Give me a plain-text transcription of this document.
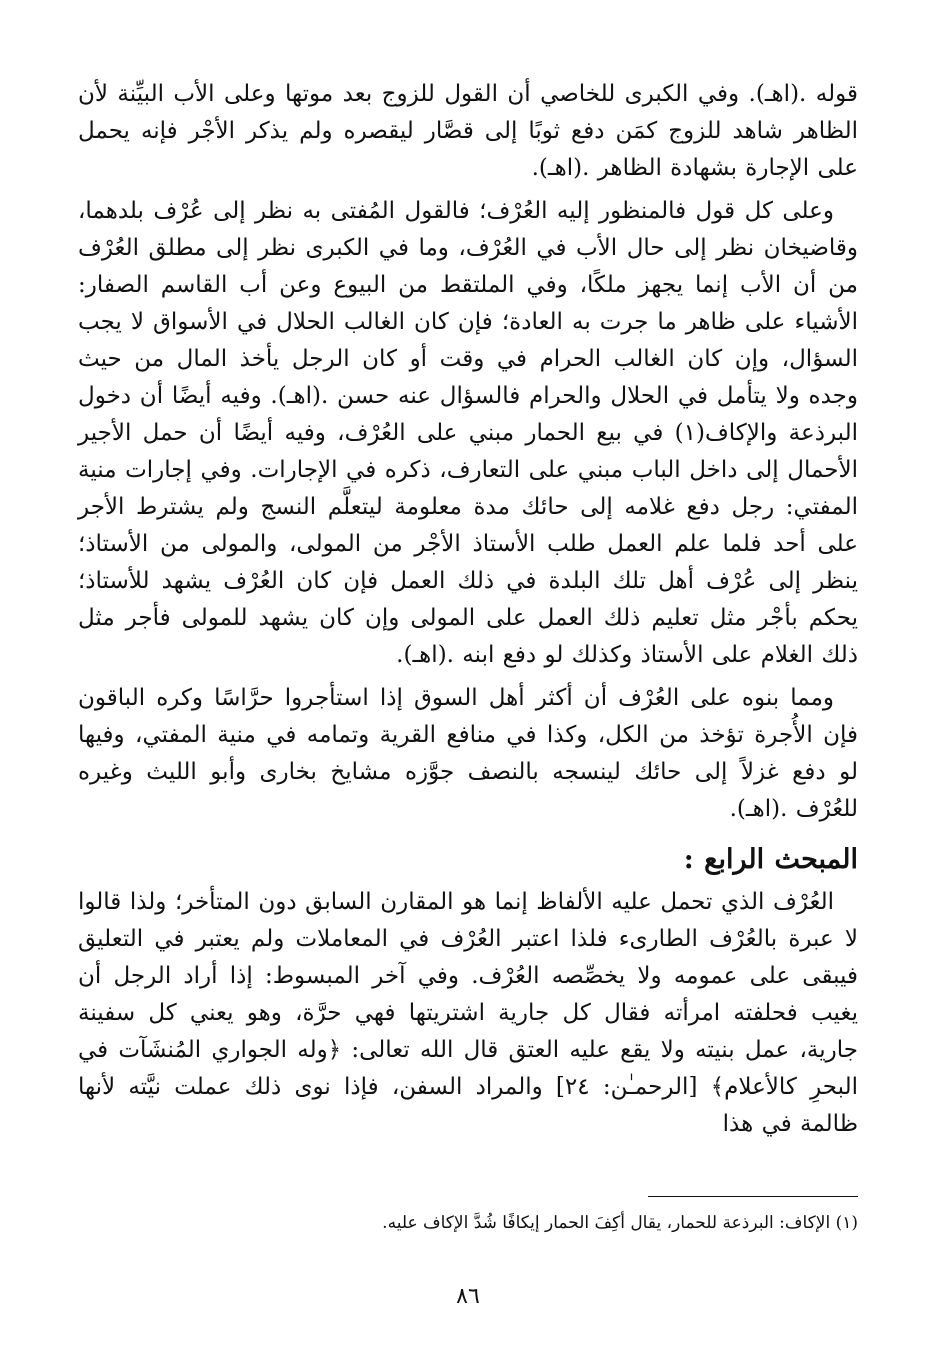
قوله .(اهـ). وفي الكبرى للخاصي أن القول للزوج بعد موتها وعلى الأب البيِّنة لأن الظاهر شاهد للزوج كمَن دفع ثوبًا إلى قصَّار ليقصره ولم يذكر الأجْر فإنه يحمل على الإجارة بشهادة الظاهر .(اهـ).

وعلى كل قول فالمنظور إليه العُرْف؛ فالقول المُفتى به نظر إلى عُرْف بلدهما، وقاضيخان نظر إلى حال الأب في العُرْف، وما في الكبرى نظر إلى مطلق العُرْف من أن الأب إنما يجهز ملكًا، وفي الملتقط من البيوع وعن أب القاسم الصفار: الأشياء على ظاهر ما جرت به العادة؛ فإن كان الغالب الحلال في الأسواق لا يجب السؤال، وإن كان الغالب الحرام في وقت أو كان الرجل يأخذ المال من حيث وجده ولا يتأمل في الحلال والحرام فالسؤال عنه حسن .(اهـ). وفيه أيضًا أن دخول البرذعة والإكاف(١) في بيع الحمار مبني على العُرْف، وفيه أيضًا أن حمل الأجير الأحمال إلى داخل الباب مبني على التعارف، ذكره في الإجارات. وفي إجارات منية المفتي: رجل دفع غلامه إلى حائك مدة معلومة ليتعلَّم النسج ولم يشترط الأجر على أحد فلما علم العمل طلب الأستاذ الأجْر من المولى، والمولى من الأستاذ؛ ينظر إلى عُرْف أهل تلك البلدة في ذلك العمل فإن كان العُرْف يشهد للأستاذ؛ يحكم بأجْر مثل تعليم ذلك العمل على المولى وإن كان يشهد للمولى فأجر مثل ذلك الغلام على الأستاذ وكذلك لو دفع ابنه .(اهـ).

ومما بنوه على العُرْف أن أكثر أهل السوق إذا استأجروا حرَّاسًا وكره الباقون فإن الأُجرة تؤخذ من الكل، وكذا في منافع القرية وتمامه في منية المفتي، وفيها لو دفع غزلاً إلى حائك لينسجه بالنصف جوَّزه مشايخ بخارى وأبو الليث وغيره للعُرْف .(اهـ).

المبحث الرابع :

العُرْف الذي تحمل عليه الألفاظ إنما هو المقارن السابق دون المتأخر؛ ولذا قالوا لا عبرة بالعُرْف الطارىء فلذا اعتبر العُرْف في المعاملات ولم يعتبر في التعليق فيبقى على عمومه ولا يخصِّصه العُرْف. وفي آخر المبسوط: إذا أراد الرجل أن يغيب فحلفته امرأته فقال كل جارية اشتريتها فهي حرَّة، وهو يعني كل سفينة جارية، عمل بنيته ولا يقع عليه العتق قال الله تعالى: ﴿وله الجواري المُنشَآت في البحرِ كالأعلام﴾ [الرحمـٰن: ٢٤] والمراد السفن، فإذا نوى ذلك عملت نيَّته لأنها ظالمة في هذا

(١) الإكاف: البرذعة للحمار، يقال أكِفَ الحمار إيكافًا شُدَّ الإكاف عليه.
٨٦
